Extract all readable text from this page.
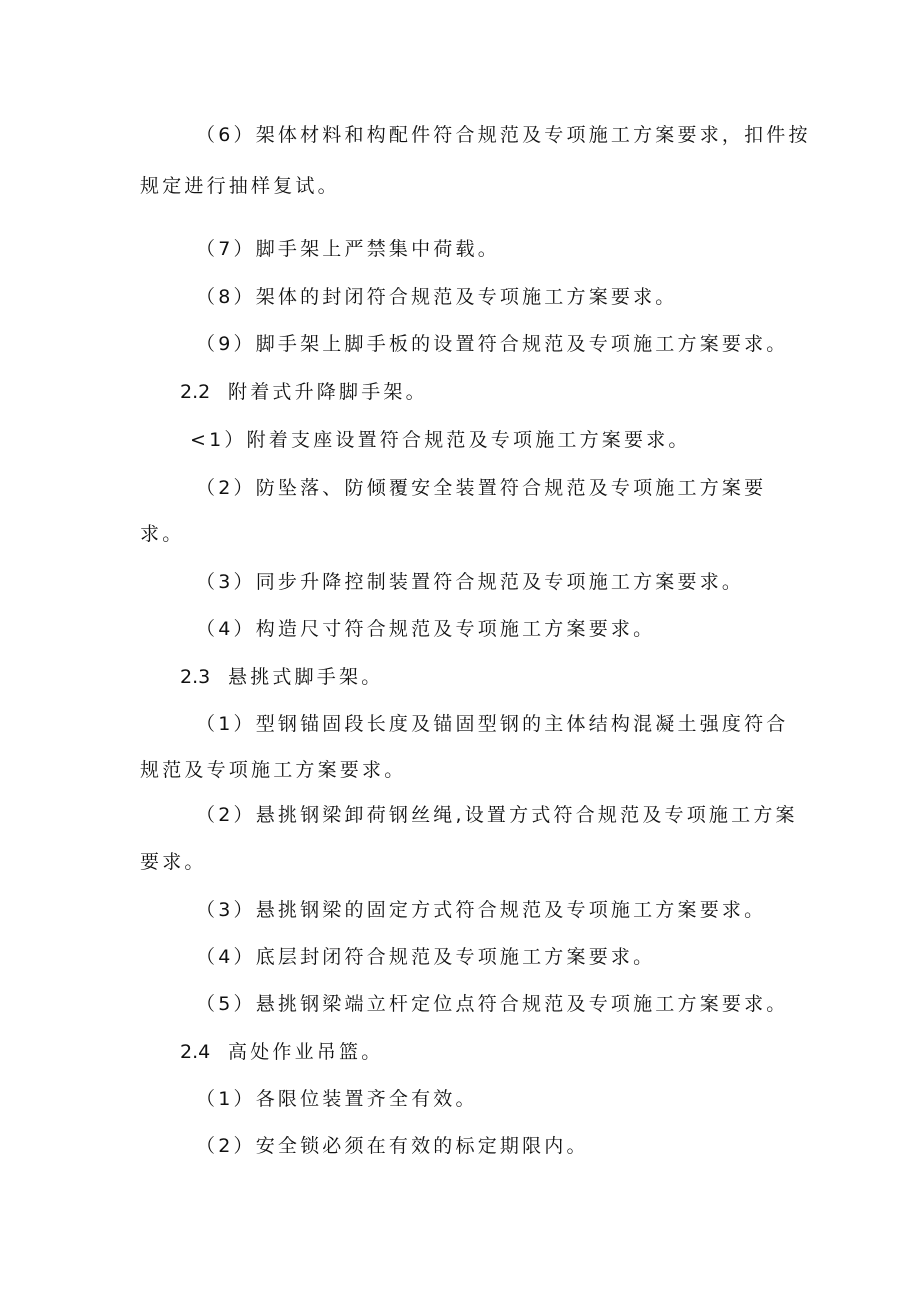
（6）架体材料和构配件符合规范及专项施工方案要求，扣件按
规定进行抽样复试。
（7）脚手架上严禁集中荷载。
（8）架体的封闭符合规范及专项施工方案要求。
（9）脚手架上脚手板的设置符合规范及专项施工方案要求。
2.2 附着式升降脚手架。
<1）附着支座设置符合规范及专项施工方案要求。
（2）防坠落、防倾覆安全装置符合规范及专项施工方案要
求。
（3）同步升降控制装置符合规范及专项施工方案要求。
（4）构造尺寸符合规范及专项施工方案要求。
2.3 悬挑式脚手架。
（1）型钢锚固段长度及锚固型钢的主体结构混凝土强度符合
规范及专项施工方案要求。
（2）悬挑钢梁卸荷钢丝绳,设置方式符合规范及专项施工方案
要求。
（3）悬挑钢梁的固定方式符合规范及专项施工方案要求。
（4）底层封闭符合规范及专项施工方案要求。
（5）悬挑钢梁端立杆定位点符合规范及专项施工方案要求。
2.4 高处作业吊篮。
（1）各限位装置齐全有效。
（2）安全锁必须在有效的标定期限内。
